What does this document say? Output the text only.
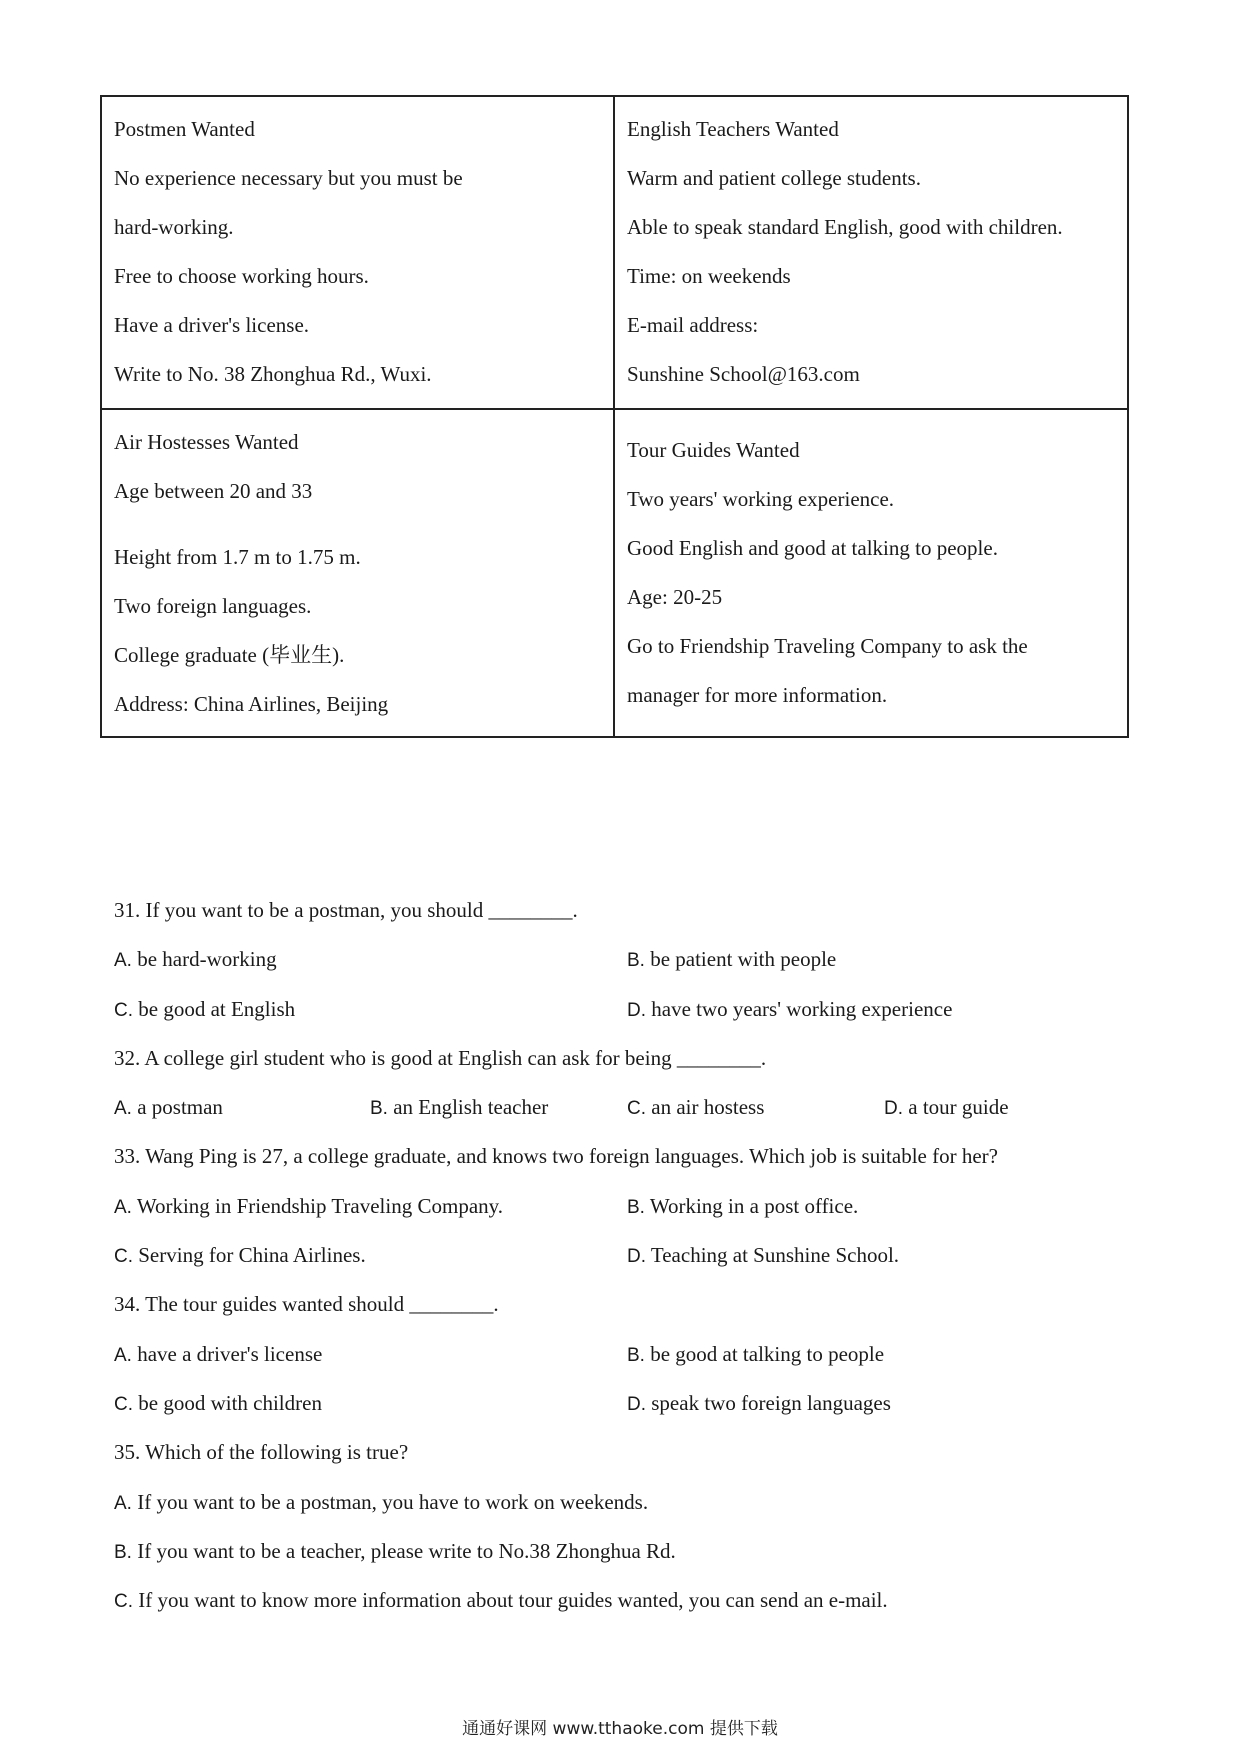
Postmen Wanted
No experience necessary but you must be
hard-working.
Free to choose working hours.
Have a driver's license.
Write to No. 38 Zhonghua Rd., Wuxi.
English Teachers Wanted
Warm and patient college students.
Able to speak standard English, good with children.
Time: on weekends
E-mail address:
Sunshine School@163.com
Air Hostesses Wanted
Age between 20 and 33
Height from 1.7 m to 1.75 m.
Two foreign languages.
College graduate (毕业生).
Address: China Airlines, Beijing
Tour Guides Wanted
Two years' working experience.
Good English and good at talking to people.
Age: 20-25
Go to Friendship Traveling Company to ask the
manager for more information.
31. If you want to be a postman, you should ________.
A. be hard-working	B. be patient with people
C. be good at English	D. have two years' working experience
32. A college girl student who is good at English can ask for being ________.
A. a postman	B. an English teacher	C. an air hostess	D. a tour guide
33. Wang Ping is 27, a college graduate, and knows two foreign languages. Which job is suitable for her?
A. Working in Friendship Traveling Company.	B. Working in a post office.
C. Serving for China Airlines.	D. Teaching at Sunshine School.
34. The tour guides wanted should ________.
A. have a driver's license	B. be good at talking to people
C. be good with children	D. speak two foreign languages
35. Which of the following is true?
A. If you want to be a postman, you have to work on weekends.
B. If you want to be a teacher, please write to No.38 Zhonghua Rd.
C. If you want to know more information about tour guides wanted, you can send an e-mail.
通通好课网 www.tthaoke.com 提供下载
